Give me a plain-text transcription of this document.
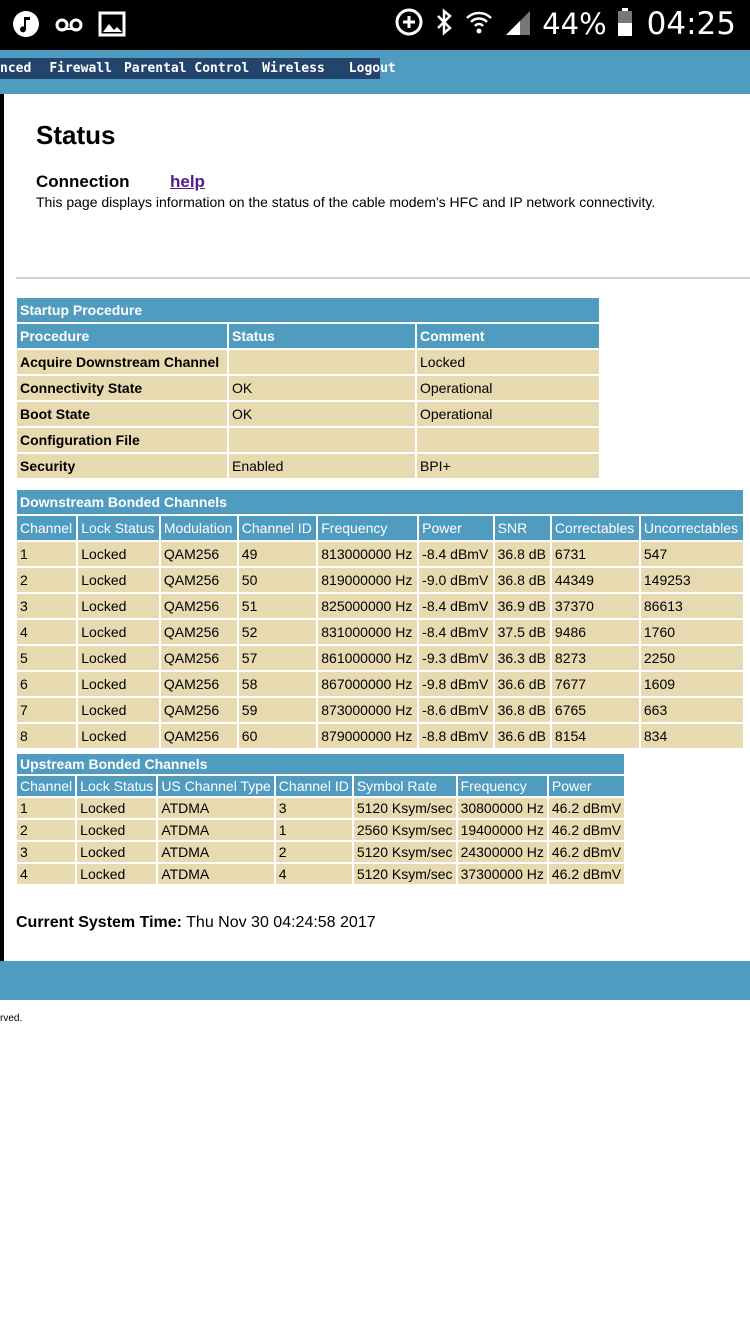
44% 04:25
nced Firewall Parental Control Wireless Logout
Status
Connection help
This page displays information on the status of the cable modem's HFC and IP network connectivity.
Startup Procedure		
Procedure	Status	Comment
Acquire Downstream Channel		Locked
Connectivity State	OK	Operational
Boot State	OK	Operational
Configuration File		
Security	Enabled	BPI+
Downstream Bonded Channels								
Channel	Lock Status	Modulation	Channel ID	Frequency	Power	SNR	Correctables	Uncorrectables
1	Locked	QAM256	49	813000000 Hz	-8.4 dBmV	36.8 dB	6731	547
2	Locked	QAM256	50	819000000 Hz	-9.0 dBmV	36.8 dB	44349	149253
3	Locked	QAM256	51	825000000 Hz	-8.4 dBmV	36.9 dB	37370	86613
4	Locked	QAM256	52	831000000 Hz	-8.4 dBmV	37.5 dB	9486	1760
5	Locked	QAM256	57	861000000 Hz	-9.3 dBmV	36.3 dB	8273	2250
6	Locked	QAM256	58	867000000 Hz	-9.8 dBmV	36.6 dB	7677	1609
7	Locked	QAM256	59	873000000 Hz	-8.6 dBmV	36.8 dB	6765	663
8	Locked	QAM256	60	879000000 Hz	-8.8 dBmV	36.6 dB	8154	834
Upstream Bonded Channels						
Channel	Lock Status	US Channel Type	Channel ID	Symbol Rate	Frequency	Power
1	Locked	ATDMA	3	5120 Ksym/sec	30800000 Hz	46.2 dBmV
2	Locked	ATDMA	1	2560 Ksym/sec	19400000 Hz	46.2 dBmV
3	Locked	ATDMA	2	5120 Ksym/sec	24300000 Hz	46.2 dBmV
4	Locked	ATDMA	4	5120 Ksym/sec	37300000 Hz	46.2 dBmV
Current System Time: Thu Nov 30 04:24:58 2017
rved.
